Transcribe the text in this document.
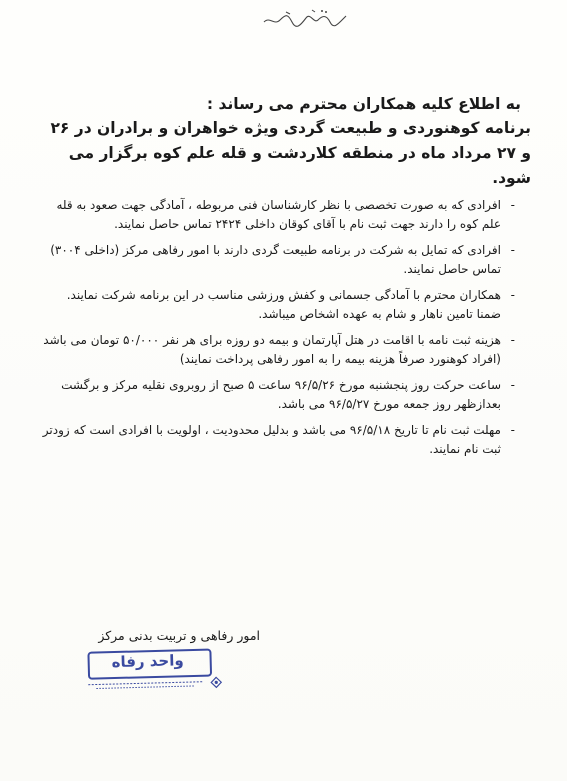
به اطلاع کلیه همکاران محترم می رساند :
برنامه کوهنوردی و طبیعت گردی ویژه خواهران و برادران در ۲۶ و ۲۷ مرداد ماه در منطقه کلاردشت و قله علم کوه برگزار می شود.
-
افرادی که به صورت تخصصی با نظر کارشناسان فنی مربوطه ، آمادگی جهت صعود به قله علم کوه را دارند جهت ثبت نام با آقای کوقان داخلی ۲۴۲۴ تماس حاصل نمایند.
-
افرادی که تمایل به شرکت در برنامه طبیعت گردی دارند با امور رفاهی مرکز (داخلی ۳۰۰۴) تماس حاصل نمایند.
-
همکاران محترم با آمادگی جسمانی و کفش ورزشی مناسب در این برنامه شرکت نمایند. ضمنا تامین ناهار و شام به عهده اشخاص میباشد.
-
هزینه ثبت نامه با اقامت در هتل آپارتمان و بیمه دو روزه برای هر نفر ۵۰/۰۰۰ تومان می باشد (افراد کوهنورد صرفاً هزینه بیمه را به امور رفاهی پرداخت نمایند)
-
ساعت حرکت روز پنجشنبه مورخ ۹۶/۵/۲۶ ساعت ۵ صبح از روبروی نقلیه مرکز و برگشت بعدازظهر روز جمعه مورخ ۹۶/۵/۲۷ می باشد.
-
مهلت ثبت نام تا تاریخ ۹۶/۵/۱۸ می باشد و بدلیل محدودیت ، اولویت با افرادی است که زودتر ثبت نام نمایند.
امور رفاهی و تربیت بدنی مرکز
واحد رفاه
